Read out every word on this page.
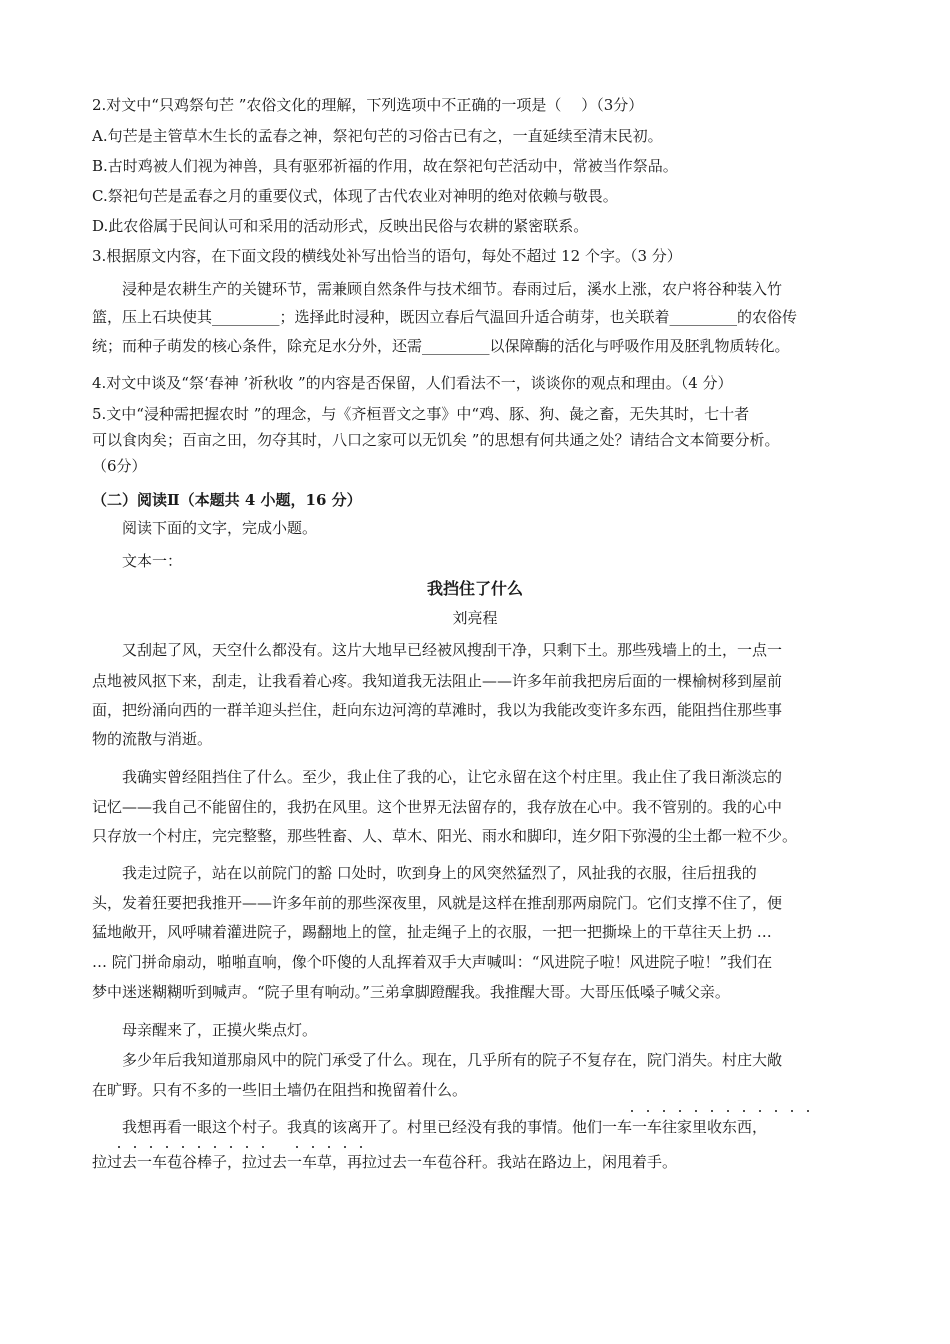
2.对文中“只鸡祭句芒 ”农俗文化的理解，下列选项中不正确的一项是（　 ）（3分）
A.句芒是主管草木生长的孟春之神，祭祀句芒的习俗古已有之，一直延续至清末民初。
B.古时鸡被人们视为神兽，具有驱邪祈福的作用，故在祭祀句芒活动中，常被当作祭品。
C.祭祀句芒是孟春之月的重要仪式，体现了古代农业对神明的绝对依赖与敬畏。
D.此农俗属于民间认可和采用的活动形式，反映出民俗与农耕的紧密联系。
3.根据原文内容，在下面文段的横线处补写出恰当的语句，每处不超过 12 个字。（3 分）
浸种是农耕生产的关键环节，需兼顾自然条件与技术细节。春雨过后，溪水上涨，农户将谷种装入竹
篮，压上石块使其_________；选择此时浸种，既因立春后气温回升适合萌芽，也关联着_________的农俗传
统；而种子萌发的核心条件，除充足水分外，还需_________以保障酶的活化与呼吸作用及胚乳物质转化。
4.对文中谈及“祭‘春神 ’祈秋收 ”的内容是否保留，人们看法不一，谈谈你的观点和理由。（4 分）
5.文中“浸种需把握农时 ”的理念，与《齐桓晋文之事》中“鸡、豚、狗、彘之畜，无失其时，七十者
可以食肉矣；百亩之田，勿夺其时，八口之家可以无饥矣 ”的思想有何共通之处？请结合文本简要分析。
（6分）
（二）阅读Ⅱ（本题共 4 小题，16 分）
阅读下面的文字，完成小题。
文本一：
我挡住了什么
刘亮程
又刮起了风，天空什么都没有。这片大地早已经被风搜刮干净，只剩下土。那些残墙上的土，一点一
点地被风抠下来，刮走，让我看着心疼。我知道我无法阻止——许多年前我把房后面的一棵榆树移到屋前
面，把纷涌向西的一群羊迎头拦住，赶向东边河湾的草滩时，我以为我能改变许多东西，能阻挡住那些事
物的流散与消逝。
我确实曾经阻挡住了什么。至少，我止住了我的心，让它永留在这个村庄里。我止住了我日渐淡忘的
记忆——我自己不能留住的，我扔在风里。这个世界无法留存的，我存放在心中。我不管别的。我的心中
只存放一个村庄，完完整整，那些牲畜、人、草木、阳光、雨水和脚印，连夕阳下弥漫的尘土都一粒不少。
我走过院子，站在以前院门的豁 口处时，吹到身上的风突然猛烈了，风扯我的衣服，往后扭我的
头，发着狂要把我推开——许多年前的那些深夜里，风就是这样在推刮那两扇院门。它们支撑不住了，便
猛地敞开，风呼啸着灌进院子，踢翻地上的筐，扯走绳子上的衣服，一把一把撕垛上的干草往天上扔 …
… 院门拼命扇动，啪啪直响，像个吓傻的人乱挥着双手大声喊叫：“风进院子啦！风进院子啦！”我们在
梦中迷迷糊糊听到喊声。“院子里有响动。”三弟拿脚蹬醒我。我推醒大哥。大哥压低嗓子喊父亲。
母亲醒来了，正摸火柴点灯。
多少年后我知道那扇风中的院门承受了什么。现在，几乎所有的院子不复存在，院门消失。村庄大敞
在旷野。只有不多的一些旧土墙仍在阻挡和挽留着什么。
我想再看一眼这个村子。我真的该离开了。村里已经没有我的事情。他们一车一车往家里收东西，
拉过去一车苞谷棒子，拉过去一车草，再拉过去一车苞谷秆。我站在路边上，闲甩着手。
